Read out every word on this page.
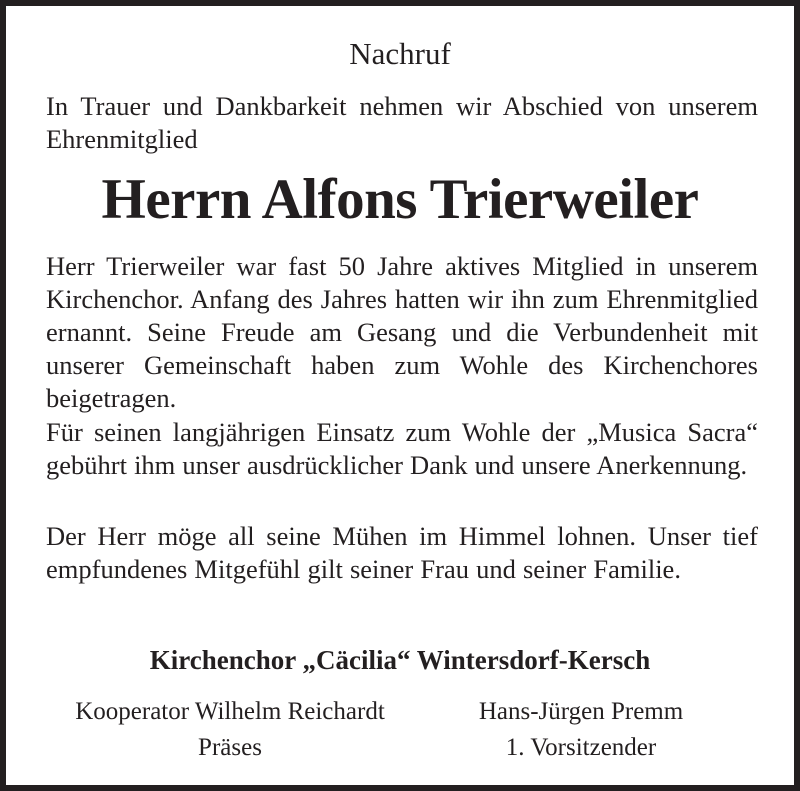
Nachruf
In Trauer und Dankbarkeit nehmen wir Abschied von unserem Ehrenmitglied
Herrn Alfons Trierweiler
Herr Trierweiler war fast 50 Jahre aktives Mitglied in unserem Kirchenchor. Anfang des Jahres hatten wir ihn zum Ehrenmitglied ernannt. Seine Freude am Gesang und die Verbundenheit mit unserer Gemeinschaft haben zum Wohle des Kirchenchores beigetragen.
Für seinen langjährigen Einsatz zum Wohle der „Musica Sacra“ gebührt ihm unser ausdrücklicher Dank und unsere Anerkennung.
Der Herr möge all seine Mühen im Himmel lohnen. Unser tief empfundenes Mitgefühl gilt seiner Frau und seiner Familie.
Kirchenchor „Cäcilia“ Wintersdorf-Kersch
Kooperator Wilhelm Reichardt
Präses
Hans-Jürgen Premm
1. Vorsitzender
